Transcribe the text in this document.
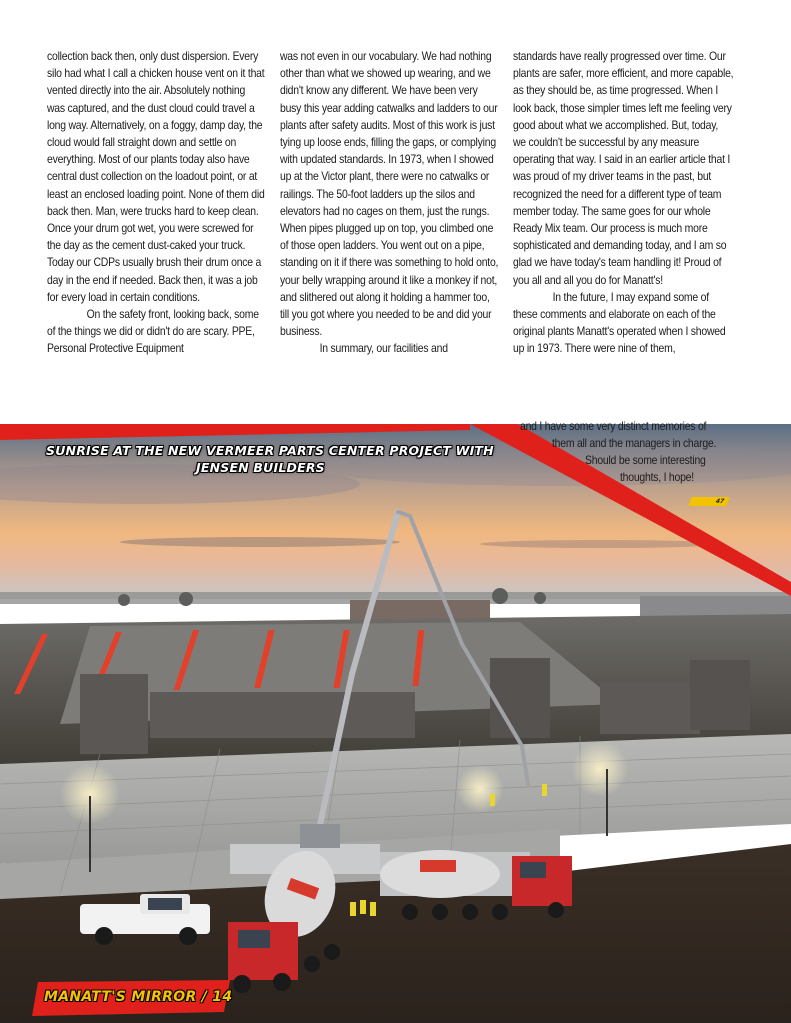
collection back then, only dust dispersion. Every silo had what I call a chicken house vent on it that vented directly into the air. Absolutely nothing was captured, and the dust cloud could travel a long way. Alternatively, on a foggy, damp day, the cloud would fall straight down and settle on everything. Most of our plants today also have central dust collection on the loadout point, or at least an enclosed loading point. None of them did back then. Man, were trucks hard to keep clean. Once your drum got wet, you were screwed for the day as the cement dust-caked your truck. Today our CDPs usually brush their drum once a day in the end if needed. Back then, it was a job for every load in certain conditions.

On the safety front, looking back, some of the things we did or didn't do are scary. PPE, Personal Protective Equipment

was not even in our vocabulary. We had nothing other than what we showed up wearing, and we didn't know any different. We have been very busy this year adding catwalks and ladders to our plants after safety audits. Most of this work is just tying up loose ends, filling the gaps, or complying with updated standards. In 1973, when I showed up at the Victor plant, there were no catwalks or railings. The 50-foot ladders up the silos and elevators had no cages on them, just the rungs. When pipes plugged up on top, you climbed one of those open ladders. You went out on a pipe, standing on it if there was something to hold onto, your belly wrapping around it like a monkey if not, and slithered out along it holding a hammer too, till you got where you needed to be and did your business.

In summary, our facilities and

standards have really progressed over time. Our plants are safer, more efficient, and more capable, as they should be, as time progressed. When I look back, those simpler times left me feeling very good about what we accomplished. But, today, we couldn't be successful by any measure operating that way. I said in an earlier article that I was proud of my driver teams in the past, but recognized the need for a different type of team member today. The same goes for our whole Ready Mix team. Our process is much more sophisticated and demanding today, and I am so glad we have today's team handling it! Proud of you all and all you do for Manatt's!

In the future, I may expand some of these comments and elaborate on each of the original plants Manatt's operated when I showed up in 1973. There were nine of them,

and I have some very distinct memories of
them all and the managers in charge.
Should be some interesting
thoughts, I hope!
47
SUNRISE AT THE NEW VERMEER PARTS CENTER PROJECT WITH
JENSEN BUILDERS
MANATT'S MIRROR / 14
